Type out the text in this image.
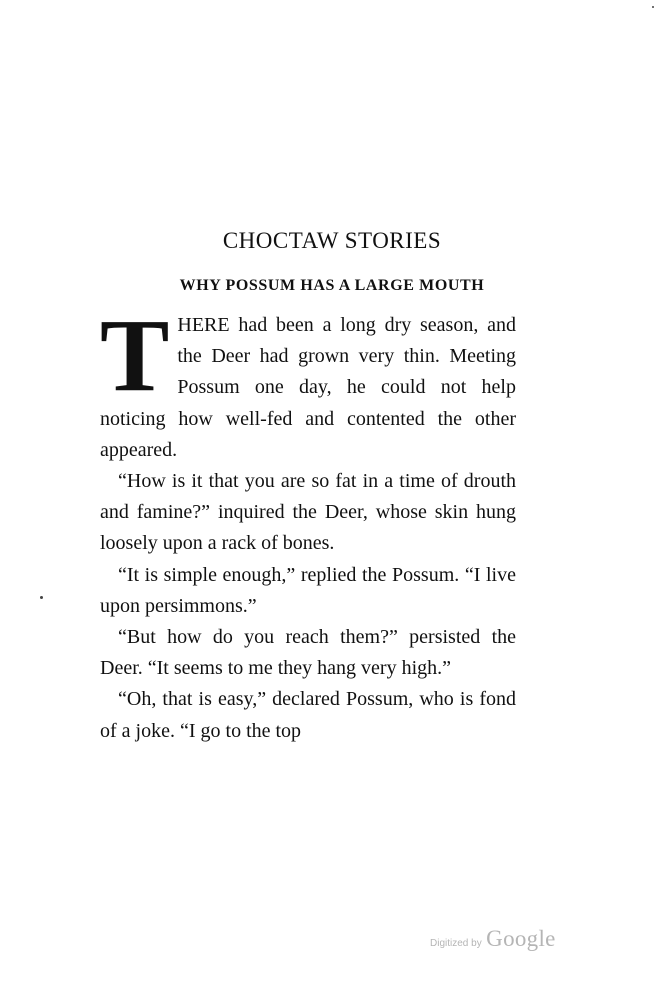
CHOCTAW STORIES
WHY POSSUM HAS A LARGE MOUTH

THERE had been a long dry season, and the Deer had grown very thin. Meeting Possum one day, he could not help noticing how well-fed and contented the other appeared.

“How is it that you are so fat in a time of drouth and famine?” inquired the Deer, whose skin hung loosely upon a rack of bones.

“It is simple enough,” replied the Possum. “I live upon persimmons.”

“But how do you reach them?” persisted the Deer. “It seems to me they hang very high.”

“Oh, that is easy,” declared Possum, who is fond of a joke. “I go to the top

Digitized by Google
